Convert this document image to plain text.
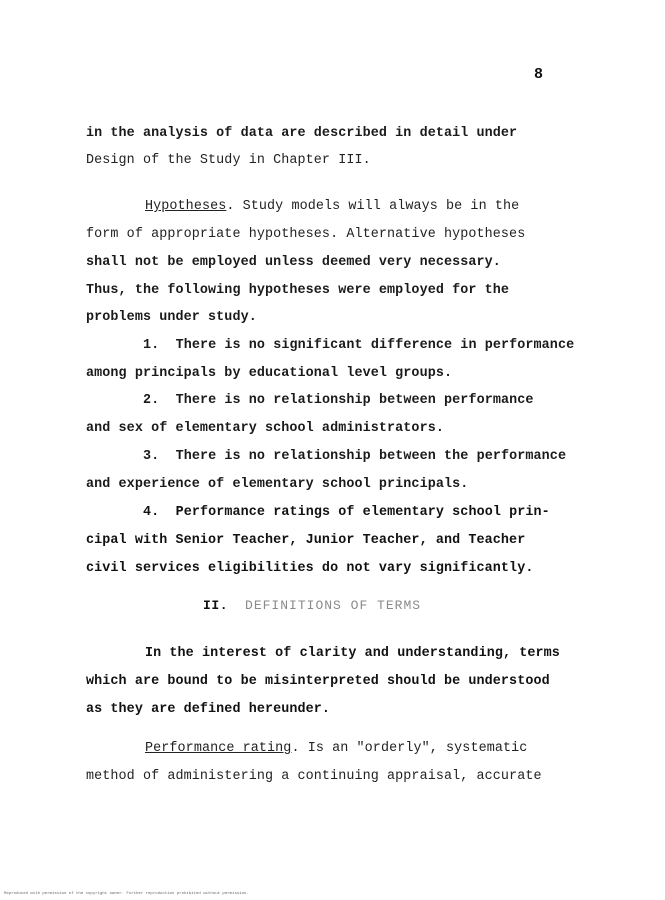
8
in the analysis of data are described in detail under
Design of the Study in Chapter III.
Hypotheses. Study models will always be in the
form of appropriate hypotheses. Alternative hypotheses
shall not be employed unless deemed very necessary.
Thus, the following hypotheses were employed for the
problems under study.
1. There is no significant difference in performance
among principals by educational level groups.
2. There is no relationship between performance
and sex of elementary school administrators.
3. There is no relationship between the performance
and experience of elementary school principals.
4. Performance ratings of elementary school prin-
cipal with Senior Teacher, Junior Teacher, and Teacher
civil services eligibilities do not vary significantly.
II. DEFINITIONS OF TERMS
In the interest of clarity and understanding, terms
which are bound to be misinterpreted should be understood
as they are defined hereunder.
Performance rating. Is an "orderly", systematic
method of administering a continuing appraisal, accurate
Reproduced with permission of the copyright owner. Further reproduction prohibited without permission.
